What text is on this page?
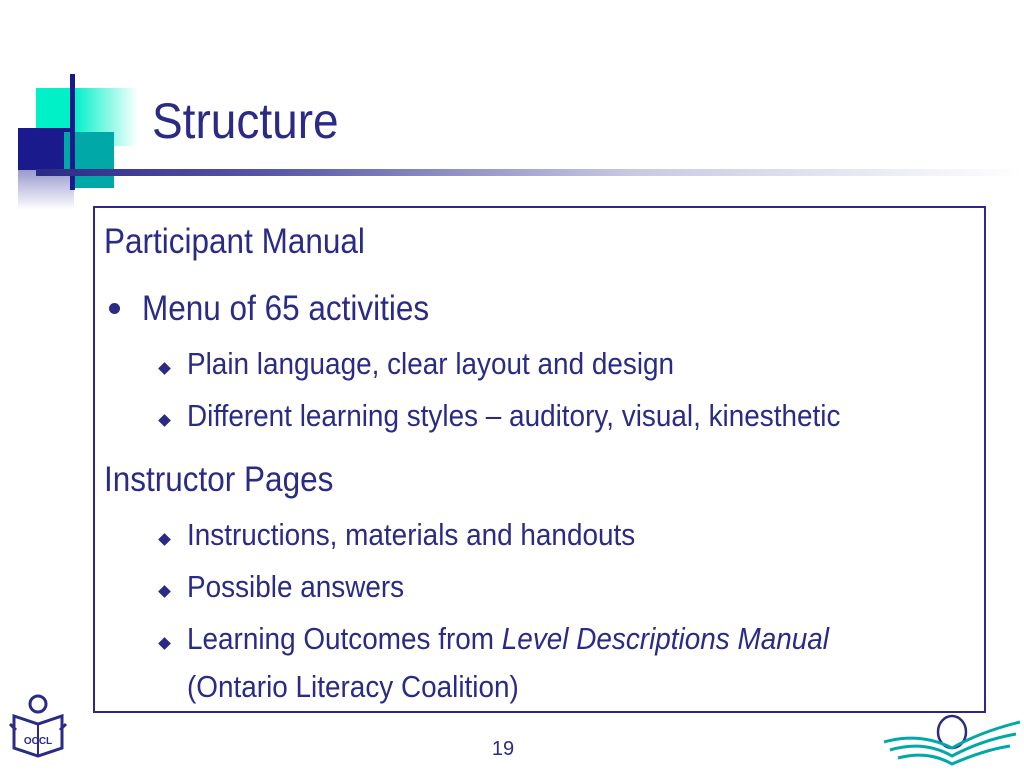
Structure
Participant Manual
Menu of 65 activities
Plain language, clear layout and design
Different learning styles – auditory, visual, kinesthetic
Instructor Pages
Instructions, materials and handouts
Possible answers
Learning Outcomes from Level Descriptions Manual
(Ontario Literacy Coalition)
OCCL	19
